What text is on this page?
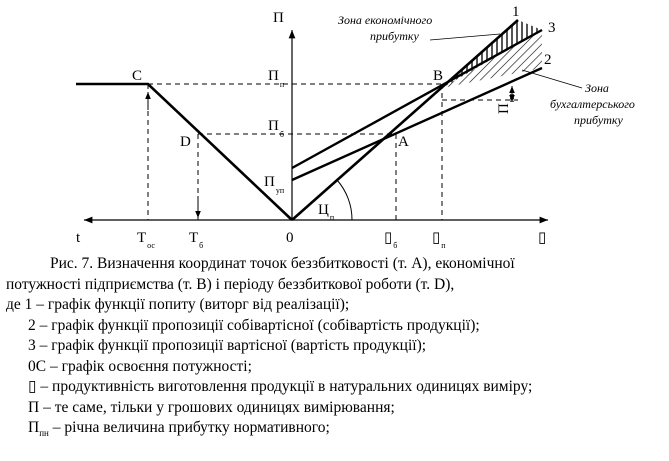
П
t	▯
0
C
D	A
B
$П_п$
$П_б$
$П_{уп}$
$T_{ос}$ $T_б$	$▯_б$ $▯_п$
$Ц_п$
$П_{пн}$
1
2
3
Зона економічного
прибутку
Зона
бухгалтерського
прибутку
Рис. 7. Визначення координат точок беззбитковості (т. А), економічної
потужності підприємства (т. В) і періоду беззбиткової роботи (т. D),
де 1 – графік функції попиту (виторг від реалізації);
2 – графік функції пропозиції собівартісної (собівартість продукції);
3 – графік функції пропозиції вартісної (вартість продукції);
0С – графік освоєння потужності;
▯ – продуктивність виготовлення продукції в натуральних одиницях виміру;
П – те саме, тільки у грошових одиницях вимірювання;
$П_{пн}$ – річна величина прибутку нормативного;
